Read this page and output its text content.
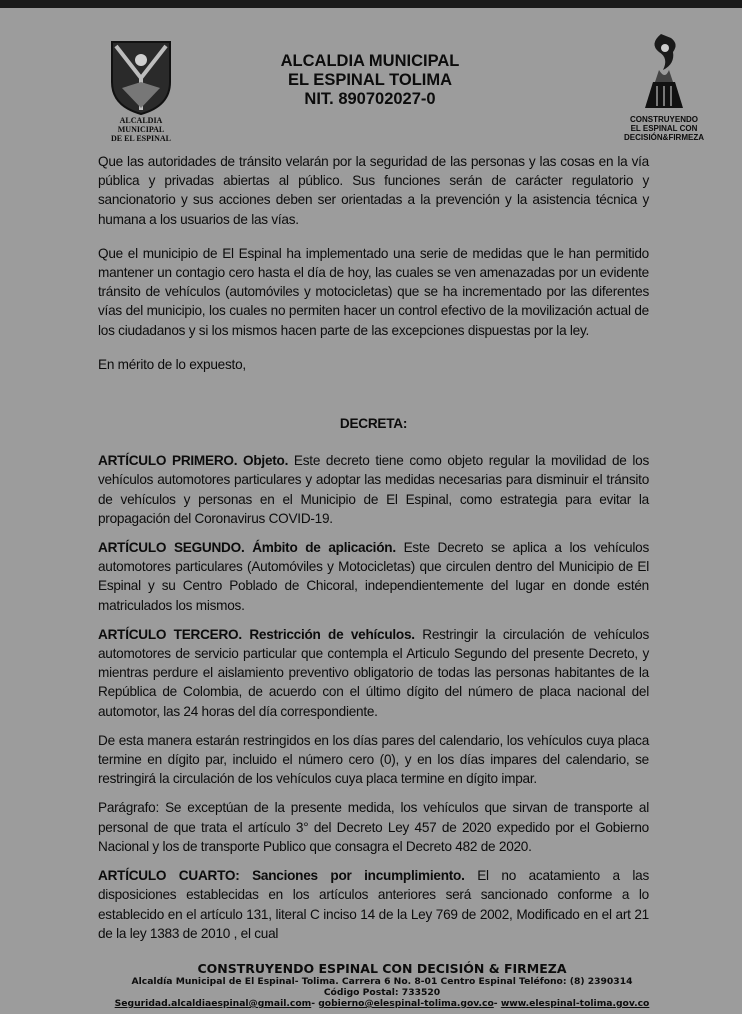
ALCALDIA MUNICIPAL
DE EL ESPINAL
ALCALDIA MUNICIPAL
EL ESPINAL TOLIMA
NIT. 890702027-0
CONSTRUYENDO
EL ESPINAL CON
DECISIÓN&FIRMEZA

Que las autoridades de tránsito velarán por la seguridad de las personas y las cosas en la vía pública y privadas abiertas al público. Sus funciones serán de carácter regulatorio y sancionatorio y sus acciones deben ser orientadas a la prevención y la asistencia técnica y humana a los usuarios de las vías.

Que el municipio de El Espinal ha implementado una serie de medidas que le han permitido mantener un contagio cero hasta el día de hoy, las cuales se ven amenazadas por un evidente tránsito de vehículos (automóviles y motocicletas) que se ha incrementado por las diferentes vías del municipio, los cuales no permiten hacer un control efectivo de la movilización actual de los ciudadanos y si los mismos hacen parte de las excepciones dispuestas por la ley.

En mérito de lo expuesto,

DECRETA:

ARTÍCULO PRIMERO. Objeto. Este decreto tiene como objeto regular la movilidad de los vehículos automotores particulares y adoptar las medidas necesarias para disminuir el tránsito de vehículos y personas en el Municipio de El Espinal, como estrategia para evitar la propagación del Coronavirus COVID-19.

ARTÍCULO SEGUNDO. Ámbito de aplicación. Este Decreto se aplica a los vehículos automotores particulares (Automóviles y Motocicletas) que circulen dentro del Municipio de El Espinal y su Centro Poblado de Chicoral, independientemente del lugar en donde estén matriculados los mismos.

ARTÍCULO TERCERO. Restricción de vehículos. Restringir la circulación de vehículos automotores de servicio particular que contempla el Articulo Segundo del presente Decreto, y mientras perdure el aislamiento preventivo obligatorio de todas las personas habitantes de la República de Colombia, de acuerdo con el último dígito del número de placa nacional del automotor, las 24 horas del día correspondiente.

De esta manera estarán restringidos en los días pares del calendario, los vehículos cuya placa termine en dígito par, incluido el número cero (0), y en los días impares del calendario, se restringirá la circulación de los vehículos cuya placa termine en dígito impar.

Parágrafo: Se exceptúan de la presente medida, los vehículos que sirvan de transporte al personal de que trata el artículo 3° del Decreto Ley 457 de 2020 expedido por el Gobierno Nacional y los de transporte Publico que consagra el Decreto 482 de 2020.

ARTÍCULO CUARTO: Sanciones por incumplimiento. El no acatamiento a las disposiciones establecidas en los artículos anteriores será sancionado conforme a lo establecido en el artículo 131, literal C inciso 14 de la Ley 769 de 2002, Modificado en el art 21 de la ley 1383 de 2010 , el cual

CONSTRUYENDO ESPINAL CON DECISIÓN & FIRMEZA
Alcaldía Municipal de El Espinal- Tolima. Carrera 6 No. 8-01 Centro Espinal Teléfono: (8) 2390314
Código Postal: 733520
Seguridad.alcaldiaespinal@gmail.com- gobierno@elespinal-tolima.gov.co- www.elespinal-tolima.gov.co
